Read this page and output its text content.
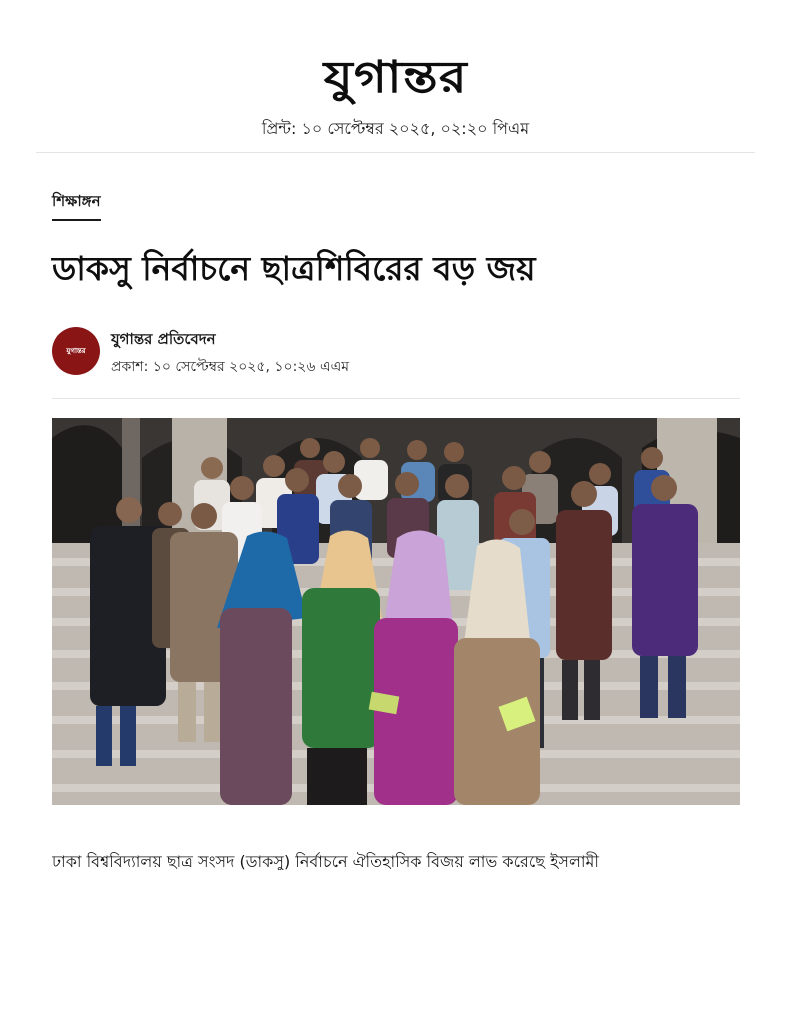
যুগান্তর
প্রিন্ট: ১০ সেপ্টেম্বর ২০২৫, ০২:২০ পিএম
শিক্ষাঙ্গন
ডাকসু নির্বাচনে ছাত্রশিবিরের বড় জয়
যুগান্তর
যুগান্তর প্রতিবেদন
প্রকাশ: ১০ সেপ্টেম্বর ২০২৫, ১০:২৬ এএম
ঢাকা বিশ্ববিদ্যালয় ছাত্র সংসদ (ডাকসু) নির্বাচনে ঐতিহাসিক বিজয় লাভ করেছে ইসলামী
